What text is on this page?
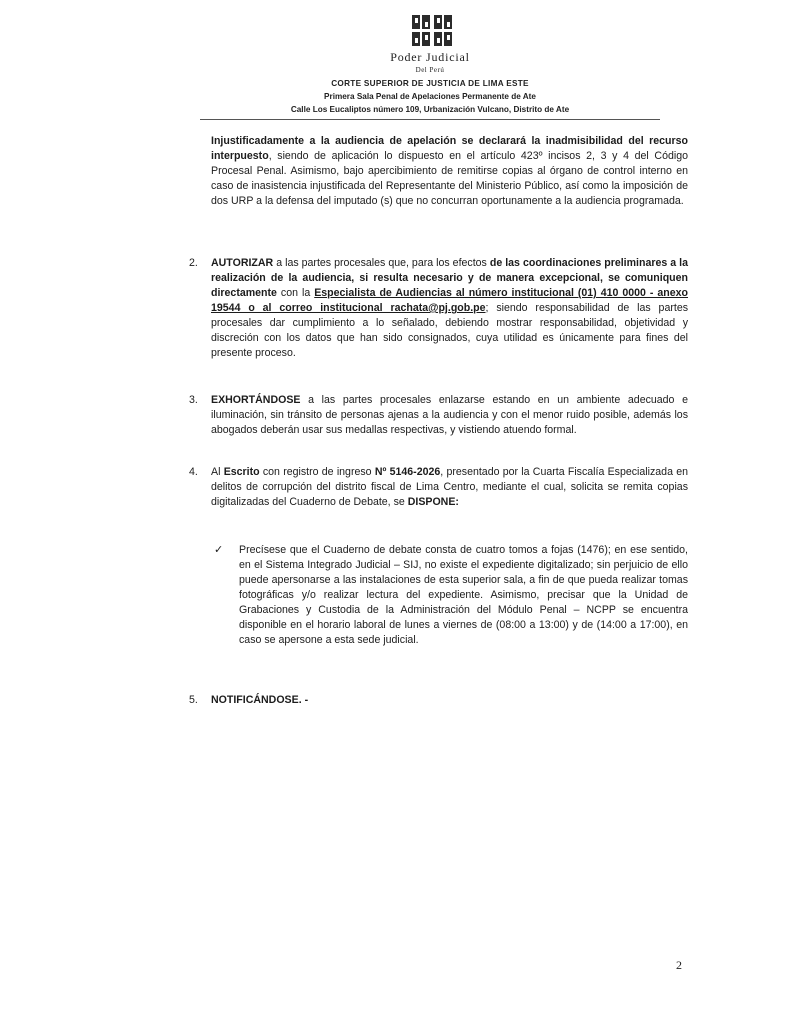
Poder Judicial
Del Perú
CORTE SUPERIOR DE JUSTICIA DE LIMA ESTE
Primera Sala Penal de Apelaciones Permanente de Ate
Calle Los Eucaliptos número 109, Urbanización Vulcano, Distrito de Ate
Injustificadamente a la audiencia de apelación se declarará la inadmisibilidad del recurso interpuesto, siendo de aplicación lo dispuesto en el artículo 423º incisos 2, 3 y 4 del Código Procesal Penal. Asimismo, bajo apercibimiento de remitirse copias al órgano de control interno en caso de inasistencia injustificada del Representante del Ministerio Público, así como la imposición de dos URP a la defensa del imputado (s) que no concurran oportunamente a la audiencia programada.
2. AUTORIZAR a las partes procesales que, para los efectos de las coordinaciones preliminares a la realización de la audiencia, si resulta necesario y de manera excepcional, se comuniquen directamente con la Especialista de Audiencias al número institucional (01) 410 0000 - anexo 19544 o al correo institucional rachata@pj.gob.pe; siendo responsabilidad de las partes procesales dar cumplimiento a lo señalado, debiendo mostrar responsabilidad, objetividad y discreción con los datos que han sido consignados, cuya utilidad es únicamente para fines del presente proceso.
3. EXHORTÁNDOSE a las partes procesales enlazarse estando en un ambiente adecuado e iluminación, sin tránsito de personas ajenas a la audiencia y con el menor ruido posible, además los abogados deberán usar sus medallas respectivas, y vistiendo atuendo formal.
4. Al Escrito con registro de ingreso Nº 5146-2026, presentado por la Cuarta Fiscalía Especializada en delitos de corrupción del distrito fiscal de Lima Centro, mediante el cual, solicita se remita copias digitalizadas del Cuaderno de Debate, se DISPONE:
✓ Precísese que el Cuaderno de debate consta de cuatro tomos a fojas (1476); en ese sentido, en el Sistema Integrado Judicial – SIJ, no existe el expediente digitalizado; sin perjuicio de ello puede apersonarse a las instalaciones de esta superior sala, a fin de que pueda realizar tomas fotográficas y/o realizar lectura del expediente. Asimismo, precisar que la Unidad de Grabaciones y Custodia de la Administración del Módulo Penal – NCPP se encuentra disponible en el horario laboral de lunes a viernes de (08:00 a 13:00) y de (14:00 a 17:00), en caso se apersone a esta sede judicial.
5. NOTIFICÁNDOSE. -
2
